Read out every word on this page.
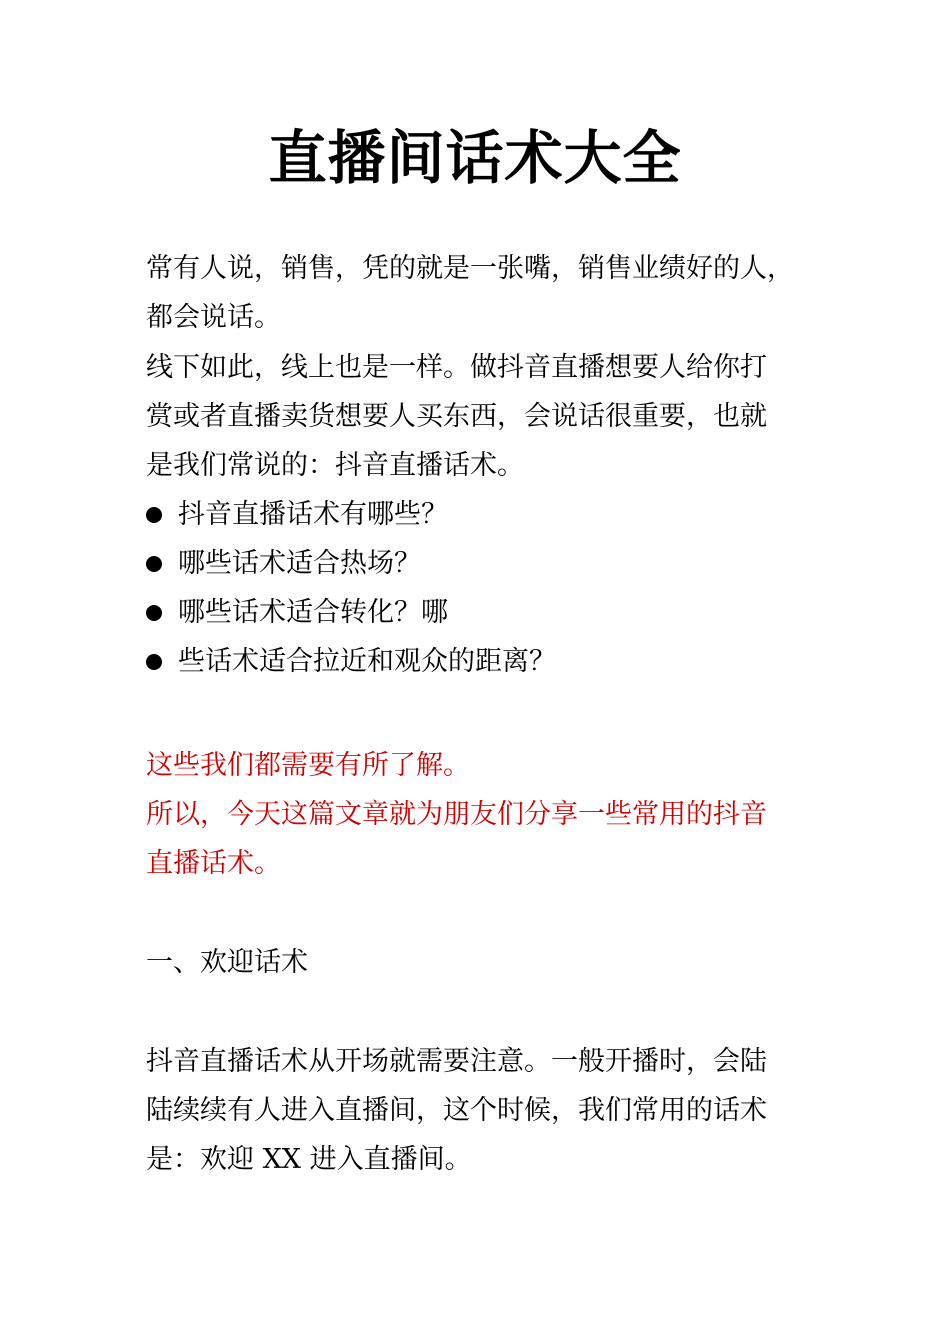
直播间话术大全
常有人说，销售，凭的就是一张嘴，销售业绩好的人，
都会说话。
线下如此，线上也是一样。做抖音直播想要人给你打
赏或者直播卖货想要人买东西，会说话很重要，也就
是我们常说的：抖音直播话术。
抖音直播话术有哪些？
哪些话术适合热场？
哪些话术适合转化？哪
些话术适合拉近和观众的距离？
这些我们都需要有所了解。
所以，今天这篇文章就为朋友们分享一些常用的抖音
直播话术。
一、欢迎话术
抖音直播话术从开场就需要注意。一般开播时，会陆
陆续续有人进入直播间，这个时候，我们常用的话术
是：欢迎 XX 进入直播间。
